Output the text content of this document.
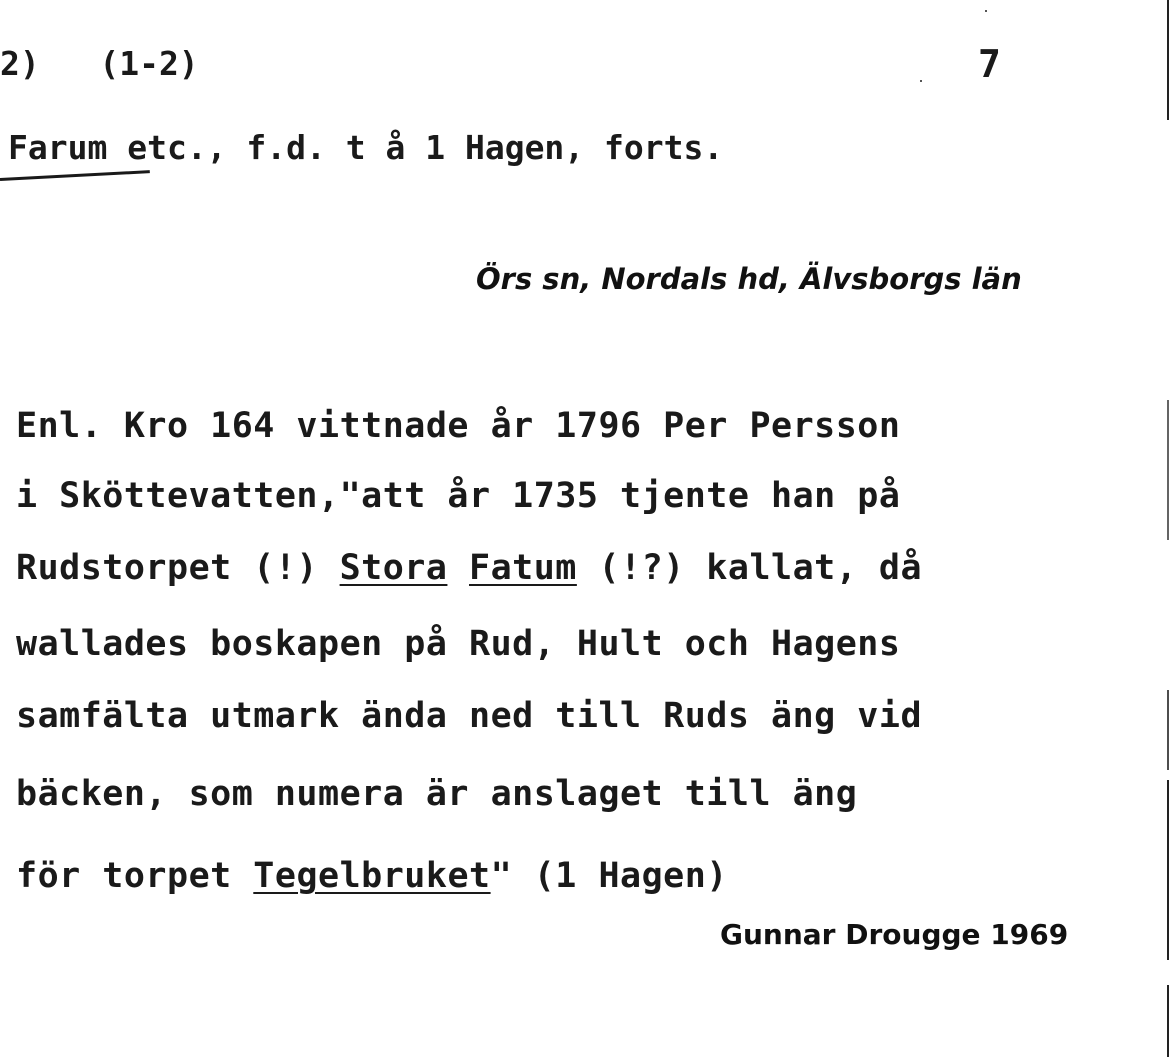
2)   (1-2)	7
Farum etc., f.d. t å 1 Hagen, forts.
Örs sn, Nordals hd, Älvsborgs län
Enl. Kro 164 vittnade år 1796 Per Persson
i Sköttevatten,"att år 1735 tjente han på
Rudstorpet (!) Stora Fatum (!?) kallat, då
wallades boskapen på Rud, Hult och Hagens
samfälta utmark ända ned till Ruds äng vid
bäcken, som numera är anslaget till äng
för torpet Tegelbruket" (1 Hagen)
Gunnar Drougge 1969
